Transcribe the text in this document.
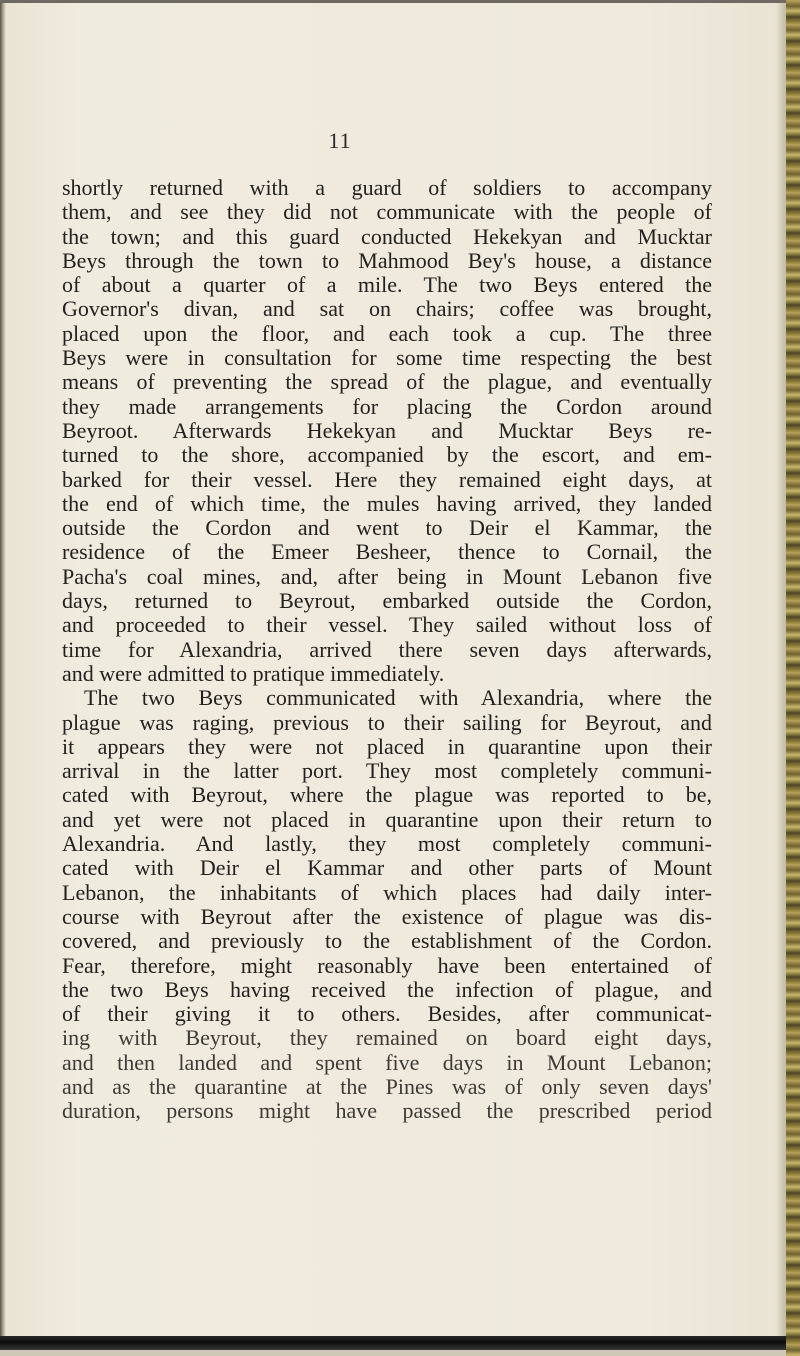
11
shortly returned with a guard of soldiers to accompany
them, and see they did not communicate with the people of
the town; and this guard conducted Hekekyan and Mucktar
Beys through the town to Mahmood Bey's house, a distance
of about a quarter of a mile. The two Beys entered the
Governor's divan, and sat on chairs; coffee was brought,
placed upon the floor, and each took a cup. The three
Beys were in consultation for some time respecting the best
means of preventing the spread of the plague, and eventually
they made arrangements for placing the Cordon around
Beyroot. Afterwards Hekekyan and Mucktar Beys re-
turned to the shore, accompanied by the escort, and em-
barked for their vessel. Here they remained eight days, at
the end of which time, the mules having arrived, they landed
outside the Cordon and went to Deir el Kammar, the
residence of the Emeer Besheer, thence to Cornail, the
Pacha's coal mines, and, after being in Mount Lebanon five
days, returned to Beyrout, embarked outside the Cordon,
and proceeded to their vessel. They sailed without loss of
time for Alexandria, arrived there seven days afterwards,
and were admitted to pratique immediately.
The two Beys communicated with Alexandria, where the
plague was raging, previous to their sailing for Beyrout, and
it appears they were not placed in quarantine upon their
arrival in the latter port. They most completely communi-
cated with Beyrout, where the plague was reported to be,
and yet were not placed in quarantine upon their return to
Alexandria. And lastly, they most completely communi-
cated with Deir el Kammar and other parts of Mount
Lebanon, the inhabitants of which places had daily inter-
course with Beyrout after the existence of plague was dis-
covered, and previously to the establishment of the Cordon.
Fear, therefore, might reasonably have been entertained of
the two Beys having received the infection of plague, and
of their giving it to others. Besides, after communicat-
ing with Beyrout, they remained on board eight days,
and then landed and spent five days in Mount Lebanon;
and as the quarantine at the Pines was of only seven days'
duration, persons might have passed the prescribed period
